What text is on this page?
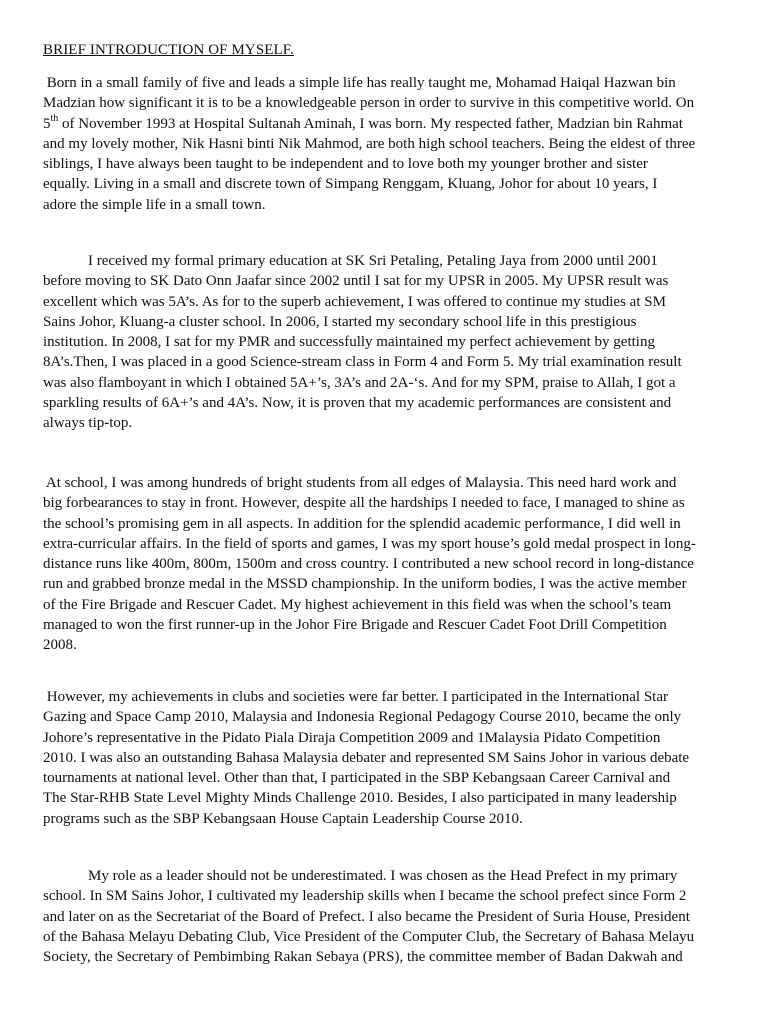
BRIEF INTRODUCTION OF MYSELF.
Born in a small family of five and leads a simple life has really taught me, Mohamad Haiqal Hazwan bin
Madzian how significant it is to be a knowledgeable person in order to survive in this competitive world. On
5th of November 1993 at Hospital Sultanah Aminah, I was born. My respected father, Madzian bin Rahmat
and my lovely mother, Nik Hasni binti Nik Mahmod, are both high school teachers. Being the eldest of three
siblings, I have always been taught to be independent and to love both my younger brother and sister
equally. Living in a small and discrete town of Simpang Renggam, Kluang, Johor for about 10 years, I
adore the simple life in a small town.
I received my formal primary education at SK Sri Petaling, Petaling Jaya from 2000 until 2001
before moving to SK Dato Onn Jaafar since 2002 until I sat for my UPSR in 2005. My UPSR result was
excellent which was 5A’s. As for to the superb achievement, I was offered to continue my studies at SM
Sains Johor, Kluang-a cluster school. In 2006, I started my secondary school life in this prestigious
institution. In 2008, I sat for my PMR and successfully maintained my perfect achievement by getting
8A’s.Then, I was placed in a good Science-stream class in Form 4 and Form 5. My trial examination result
was also flamboyant in which I obtained 5A+’s, 3A’s and 2A-‘s. And for my SPM, praise to Allah, I got a
sparkling results of 6A+’s and 4A’s. Now, it is proven that my academic performances are consistent and
always tip-top.
At school, I was among hundreds of bright students from all edges of Malaysia. This need hard work and
big forbearances to stay in front. However, despite all the hardships I needed to face, I managed to shine as
the school’s promising gem in all aspects. In addition for the splendid academic performance, I did well in
extra-curricular affairs. In the field of sports and games, I was my sport house’s gold medal prospect in long-
distance runs like 400m, 800m, 1500m and cross country. I contributed a new school record in long-distance
run and grabbed bronze medal in the MSSD championship. In the uniform bodies, I was the active member
of the Fire Brigade and Rescuer Cadet. My highest achievement in this field was when the school’s team
managed to won the first runner-up in the Johor Fire Brigade and Rescuer Cadet Foot Drill Competition
2008.
However, my achievements in clubs and societies were far better. I participated in the International Star
Gazing and Space Camp 2010, Malaysia and Indonesia Regional Pedagogy Course 2010, became the only
Johore’s representative in the Pidato Piala Diraja Competition 2009 and 1Malaysia Pidato Competition
2010. I was also an outstanding Bahasa Malaysia debater and represented SM Sains Johor in various debate
tournaments at national level. Other than that, I participated in the SBP Kebangsaan Career Carnival and
The Star-RHB State Level Mighty Minds Challenge 2010. Besides, I also participated in many leadership
programs such as the SBP Kebangsaan House Captain Leadership Course 2010.
My role as a leader should not be underestimated. I was chosen as the Head Prefect in my primary
school. In SM Sains Johor, I cultivated my leadership skills when I became the school prefect since Form 2
and later on as the Secretariat of the Board of Prefect. I also became the President of Suria House, President
of the Bahasa Melayu Debating Club, Vice President of the Computer Club, the Secretary of Bahasa Melayu
Society, the Secretary of Pembimbing Rakan Sebaya (PRS), the committee member of Badan Dakwah and
